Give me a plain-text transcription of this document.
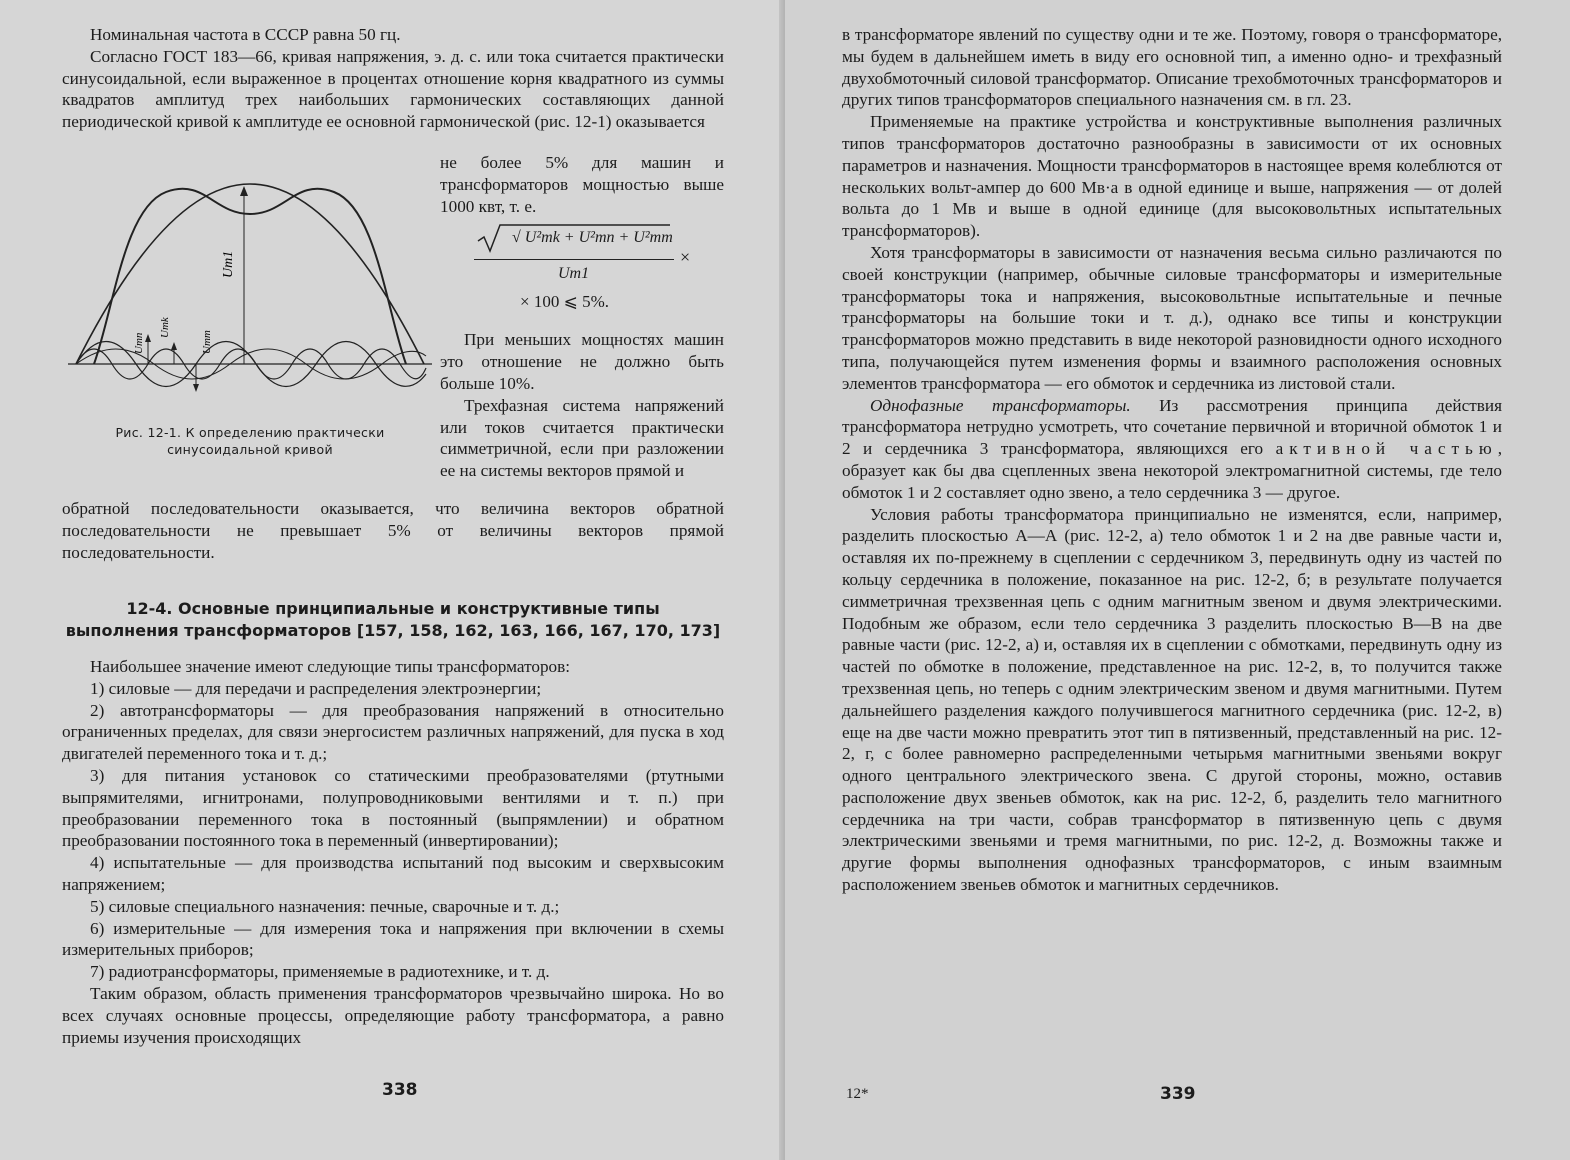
Номинальная частота в СССР равна 50 гц.

Согласно ГОСТ 183—66, кривая напряжения, э. д. с. или тока считается практически синусоидальной, если выраженное в процентах отношение корня квадратного из суммы квадратов амплитуд трех наибольших гармонических составляющих данной периодической кривой к амплитуде ее основной гармонической (рис. 12-1) оказывается

не более 5% для машин и трансформаторов мощностью выше 1000 квт, т. е.

√ U²mk + U²mn + U²mm
Um1
×
× 100 ⩽ 5%.

При меньших мощностях машин это отношение не должно быть больше 10%.

Трехфазная система напряжений или токов считается практически симметричной, если при разложении ее на системы векторов прямой и

Um1
Umn
Umk
Umm
Рис. 12-1. К определению практически
синусоидальной кривой

обратной последовательности оказывается, что величина векторов обратной последовательности не превышает 5% от величины векторов прямой последовательности.

12-4. Основные принципиальные и конструктивные типы
выполнения трансформаторов [157, 158, 162, 163, 166, 167, 170, 173]

Наибольшее значение имеют следующие типы трансформаторов:

1) силовые — для передачи и распределения электроэнергии;

2) автотрансформаторы — для преобразования напряжений в относительно ограниченных пределах, для связи энергосистем различных напряжений, для пуска в ход двигателей переменного тока и т. д.;

3) для питания установок со статическими преобразователями (ртутными выпрямителями, игнитронами, полупроводниковыми вентилями и т. п.) при преобразовании переменного тока в постоянный (выпрямлении) и обратном преобразовании постоянного тока в переменный (инвертировании);

4) испытательные — для производства испытаний под высоким и сверхвысоким напряжением;

5) силовые специального назначения: печные, сварочные и т. д.;

6) измерительные — для измерения тока и напряжения при включении в схемы измерительных приборов;

7) радиотрансформаторы, применяемые в радиотехнике, и т. д.

Таким образом, область применения трансформаторов чрезвычайно широка. Но во всех случаях основные процессы, определяющие работу трансформатора, а равно приемы изучения происходящих

338

в трансформаторе явлений по существу одни и те же. Поэтому, говоря о трансформаторе, мы будем в дальнейшем иметь в виду его основной тип, а именно одно- и трехфазный двухобмоточный силовой трансформатор. Описание трехобмоточных трансформаторов и других типов трансформаторов специального назначения см. в гл. 23.

Применяемые на практике устройства и конструктивные выполнения различных типов трансформаторов достаточно разнообразны в зависимости от их основных параметров и назначения. Мощности трансформаторов в настоящее время колеблются от нескольких вольт-ампер до 600 Мв·а в одной единице и выше, напряжения — от долей вольта до 1 Мв и выше в одной единице (для высоковольтных испытательных трансформаторов).

Хотя трансформаторы в зависимости от назначения весьма сильно различаются по своей конструкции (например, обычные силовые трансформаторы и измерительные трансформаторы тока и напряжения, высоковольтные испытательные и печные трансформаторы на большие токи и т. д.), однако все типы и конструкции трансформаторов можно представить в виде некоторой разновидности одного исходного типа, получающейся путем изменения формы и взаимного расположения основных элементов трансформатора — его обмоток и сердечника из листовой стали.

Однофазные трансформаторы. Из рассмотрения принципа действия трансформатора нетрудно усмотреть, что сочетание первичной и вторичной обмоток 1 и 2 и сердечника 3 трансформатора, являющихся его активной частью, образует как бы два сцепленных звена некоторой электромагнитной системы, где тело обмоток 1 и 2 составляет одно звено, а тело сердечника 3 — другое.

Условия работы трансформатора принципиально не изменятся, если, например, разделить плоскостью А—А (рис. 12-2, а) тело обмоток 1 и 2 на две равные части и, оставляя их по-прежнему в сцеплении с сердечником 3, передвинуть одну из частей по кольцу сердечника в положение, показанное на рис. 12-2, б; в результате получается симметричная трехзвенная цепь с одним магнитным звеном и двумя электрическими. Подобным же образом, если тело сердечника 3 разделить плоскостью В—В на две равные части (рис. 12-2, а) и, оставляя их в сцеплении с обмотками, передвинуть одну из частей по обмотке в положение, представленное на рис. 12-2, в, то получится также трехзвенная цепь, но теперь с одним электрическим звеном и двумя магнитными. Путем дальнейшего разделения каждого получившегося магнитного сердечника (рис. 12-2, в) еще на две части можно превратить этот тип в пятизвенный, представленный на рис. 12-2, г, с более равномерно распределенными четырьмя магнитными звеньями вокруг одного центрального электрического звена. С другой стороны, можно, оставив расположение двух звеньев обмоток, как на рис. 12-2, б, разделить тело магнитного сердечника на три части, собрав трансформатор в пятизвенную цепь с двумя электрическими звеньями и тремя магнитными, по рис. 12-2, д. Возможны также и другие формы выполнения однофазных трансформаторов, с иным взаимным расположением звеньев обмоток и магнитных сердечников.

12*	339
